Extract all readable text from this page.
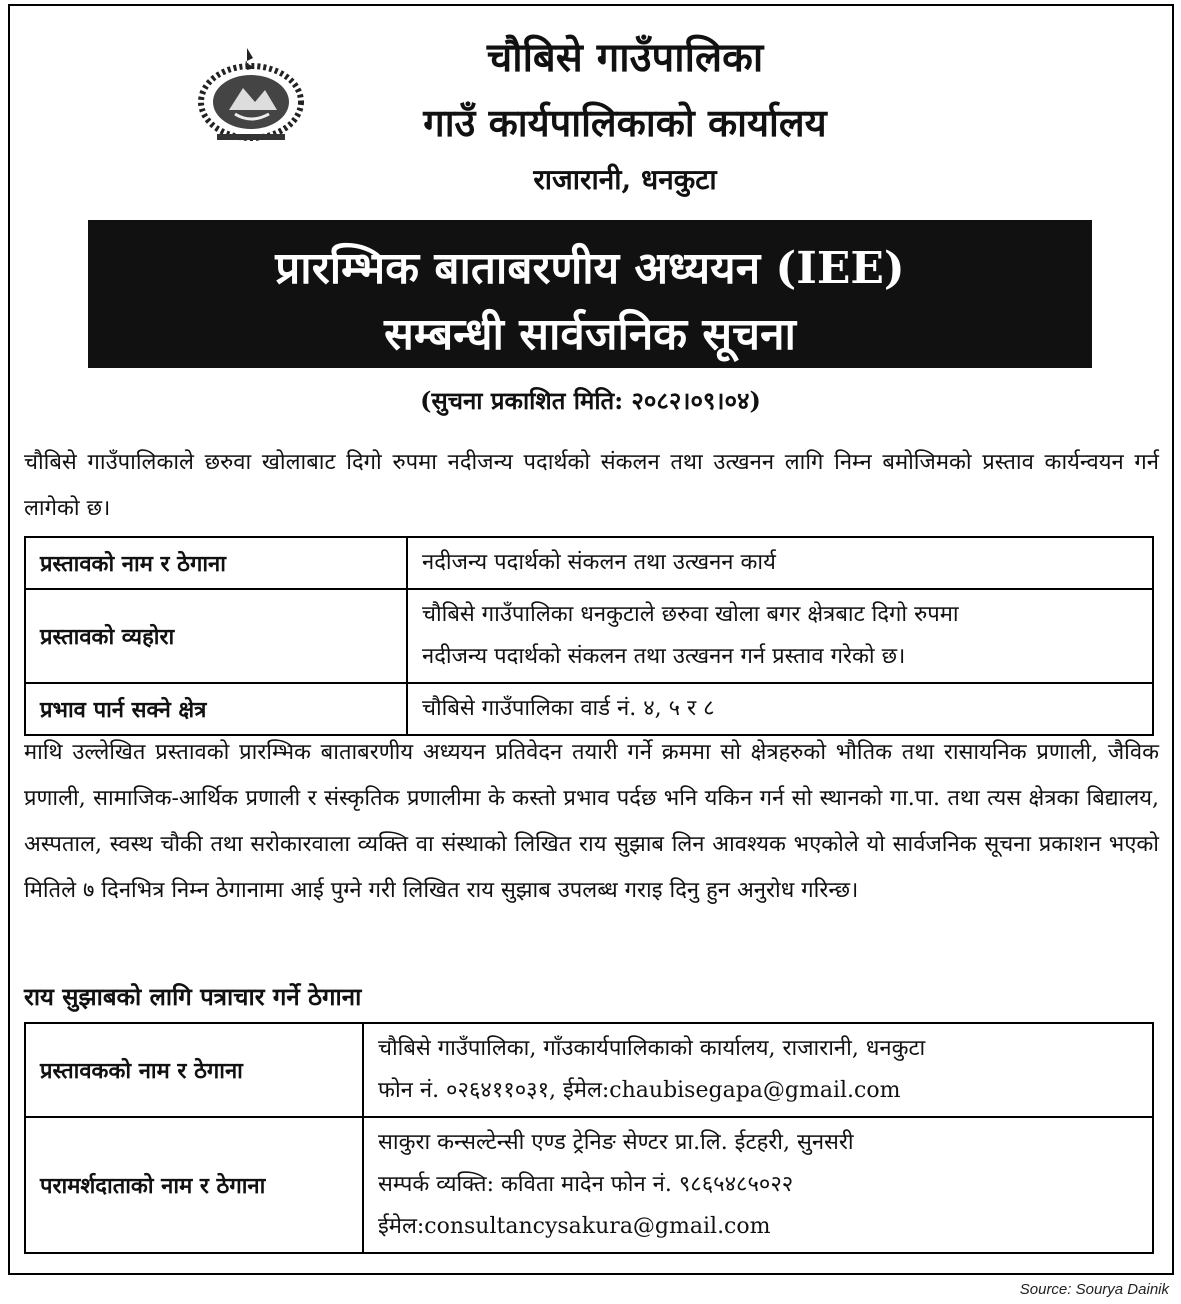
चौबिसे गाउँपालिका
गाउँ कार्यपालिकाको कार्यालय
राजारानी, धनकुटा
प्रारम्भिक बाताबरणीय अध्ययन (IEE)
सम्बन्धी सार्वजनिक सूचना
(सुचना प्रकाशित मिति: २०८२।०९।०४)
चौबिसे गाउँपालिकाले छरुवा खोलाबाट दिगो रुपमा नदीजन्य पदार्थको संकलन तथा उत्खनन लागि निम्न बमोजिमको प्रस्ताव कार्यन्वयन गर्न लागेको छ।
प्रस्तावको नाम र ठेगाना	नदीजन्य पदार्थको संकलन तथा उत्खनन कार्य

प्रस्तावको व्यहोरा	चौबिसे गाउँपालिका धनकुटाले छरुवा खोला बगर क्षेत्रबाट दिगो रुपमा
नदीजन्य पदार्थको संकलन तथा उत्खनन गर्न प्रस्ताव गरेको छ।

प्रभाव पार्न सक्ने क्षेत्र	चौबिसे गाउँपालिका वार्ड नं. ४, ५ र ८
माथि उल्लेखित प्रस्तावको प्रारम्भिक बाताबरणीय अध्ययन प्रतिवेदन तयारी गर्ने क्रममा सो क्षेत्रहरुको भौतिक तथा रासायनिक प्रणाली, जैविक प्रणाली, सामाजिक-आर्थिक प्रणाली र संस्कृतिक प्रणालीमा के कस्तो प्रभाव पर्दछ भनि यकिन गर्न सो स्थानको गा.पा. तथा त्यस क्षेत्रका बिद्यालय, अस्पताल, स्वस्थ चौकी तथा सरोकारवाला व्यक्ति वा संस्थाको लिखित राय सुझाब लिन आवश्यक भएकोले यो सार्वजनिक सूचना प्रकाशन भएको मितिले ७ दिनभित्र निम्न ठेगानामा आई पुग्ने गरी लिखित राय सुझाब उपलब्ध गराइ दिनु हुन अनुरोध गरिन्छ।
राय सुझाबको लागि पत्राचार गर्ने ठेगाना
प्रस्तावकको नाम र ठेगाना	चौबिसे गाउँपालिका, गाँउकार्यपालिकाको कार्यालय, राजारानी, धनकुटा
फोन नं. ०२६४११०३१, ईमेल:chaubisegapa@gmail.com

परामर्शदाताको नाम र ठेगाना	साकुरा कन्सल्टेन्सी एण्ड ट्रेनिङ सेण्टर प्रा.लि. ईटहरी, सुनसरी
सम्पर्क व्यक्ति: कविता मादेन फोन नं. ९८६५४८५०२२
ईमेल:consultancysakura@gmail.com
Source: Sourya Dainik
